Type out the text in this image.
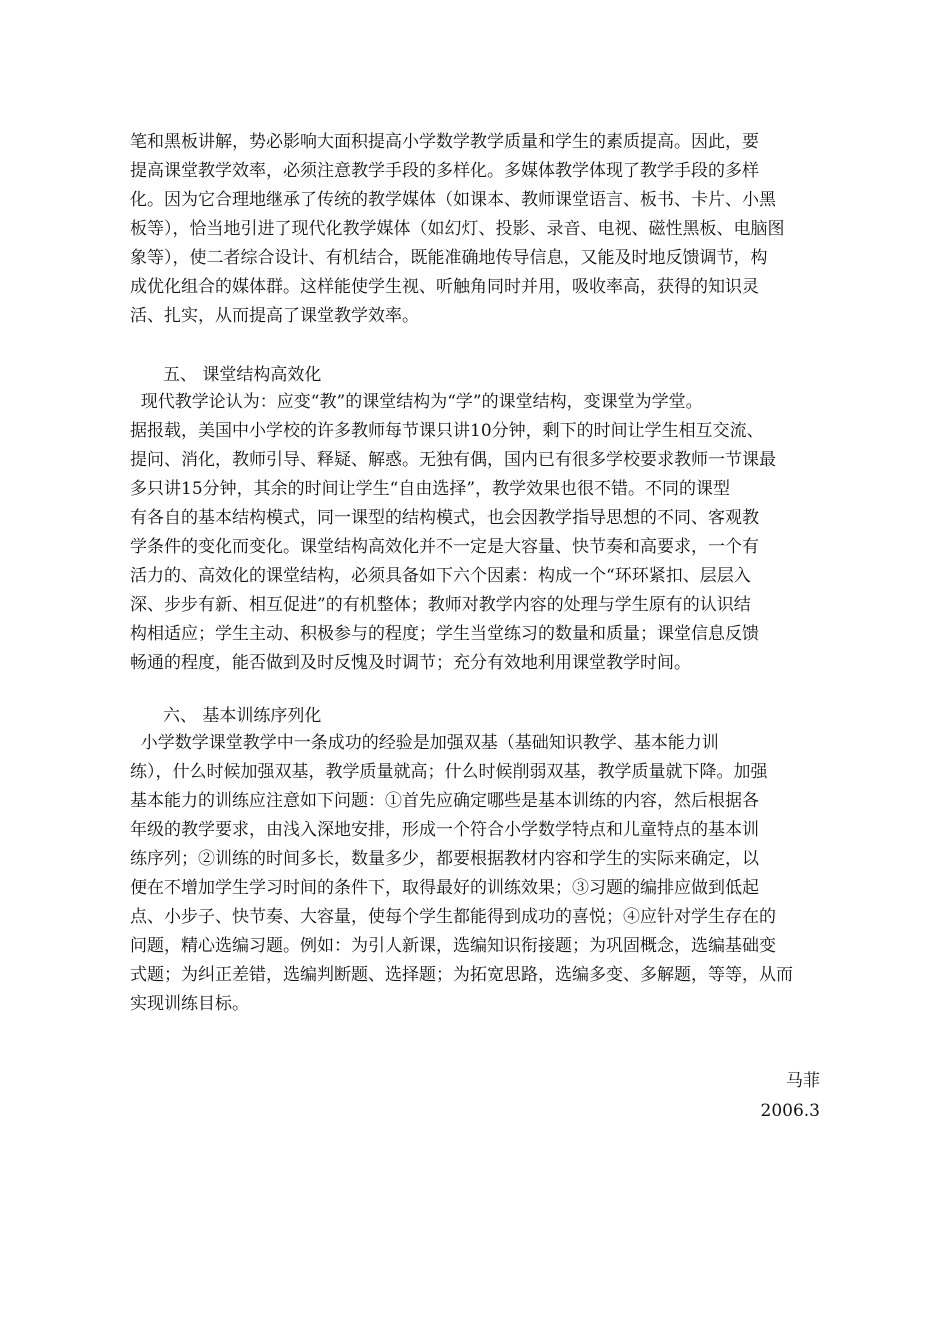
笔和黑板讲解，势必影响大面积提高小学数学教学质量和学生的素质提高。因此，要
提高课堂教学效率，必须注意教学手段的多样化。多媒体教学体现了教学手段的多样
化。因为它合理地继承了传统的教学媒体（如课本、教师课堂语言、板书、卡片、小黑
板等），恰当地引进了现代化教学媒体（如幻灯、投影、录音、电视、磁性黑板、电脑图
象等），使二者综合设计、有机结合，既能准确地传导信息，又能及时地反馈调节，构
成优化组合的媒体群。这样能使学生视、听触角同时并用，吸收率高，获得的知识灵
活、扎实，从而提高了课堂教学效率。
五、 课堂结构高效化
现代教学论认为：应变“教”的课堂结构为“学”的课堂结构，变课堂为学堂。
据报载，美国中小学校的许多教师每节课只讲10分钟，剩下的时间让学生相互交流、
提问、消化，教师引导、释疑、解惑。无独有偶，国内已有很多学校要求教师一节课最
多只讲15分钟，其余的时间让学生“自由选择”，教学效果也很不错。不同的课型
有各自的基本结构模式，同一课型的结构模式，也会因教学指导思想的不同、客观教
学条件的变化而变化。课堂结构高效化并不一定是大容量、快节奏和高要求，一个有
活力的、高效化的课堂结构，必须具备如下六个因素：构成一个“环环紧扣、层层入
深、步步有新、相互促进”的有机整体；教师对教学内容的处理与学生原有的认识结
构相适应；学生主动、积极参与的程度；学生当堂练习的数量和质量；课堂信息反馈
畅通的程度，能否做到及时反愧及时调节；充分有效地利用课堂教学时间。
六、 基本训练序列化
小学数学课堂教学中一条成功的经验是加强双基（基础知识教学、基本能力训
练），什么时候加强双基，教学质量就高；什么时候削弱双基，教学质量就下降。加强
基本能力的训练应注意如下问题：①首先应确定哪些是基本训练的内容，然后根据各
年级的教学要求，由浅入深地安排，形成一个符合小学数学特点和儿童特点的基本训
练序列；②训练的时间多长，数量多少，都要根据教材内容和学生的实际来确定，以
便在不增加学生学习时间的条件下，取得最好的训练效果；③习题的编排应做到低起
点、小步子、快节奏、大容量，使每个学生都能得到成功的喜悦；④应针对学生存在的
问题，精心选编习题。例如：为引人新课，选编知识衔接题；为巩固概念，选编基础变
式题；为纠正差错，选编判断题、选择题；为拓宽思路，选编多变、多解题，等等，从而
实现训练目标。
马菲
2006.3
